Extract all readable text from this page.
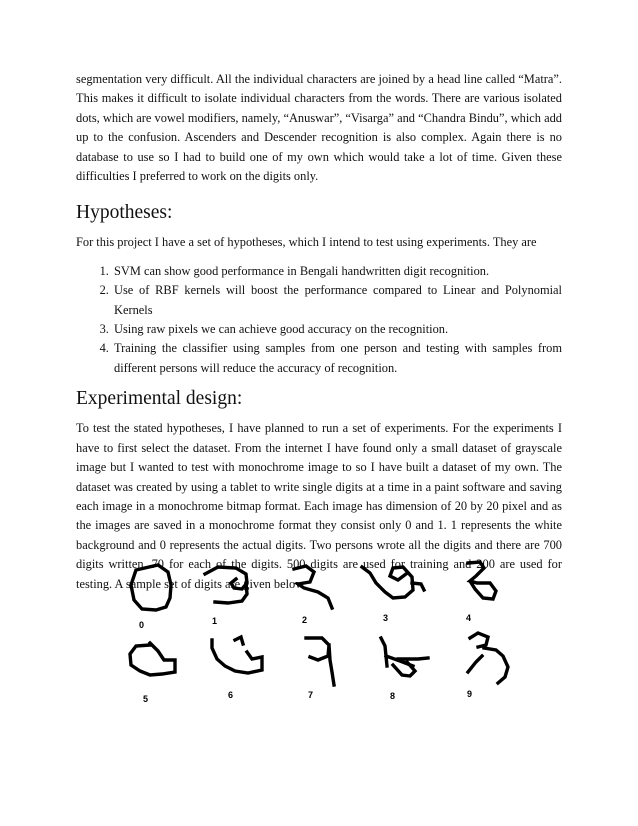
segmentation very difficult. All the individual characters are joined by a head line called “Matra”. This makes it difficult to isolate individual characters from the words. There are various isolated dots, which are vowel modifiers, namely, “Anuswar”, “Visarga” and “Chandra Bindu”, which add up to the confusion. Ascenders and Descender recognition is also complex. Again there is no database to use so I had to build one of my own which would take a lot of time. Given these difficulties I preferred to work on the digits only.

Hypotheses:

For this project I have a set of hypotheses, which I intend to test using experiments. They are

1. SVM can show good performance in Bengali handwritten digit recognition.
2. Use of RBF kernels will boost the performance compared to Linear and Polynomial Kernels
3. Using raw pixels we can achieve good accuracy on the recognition.
4. Training the classifier using samples from one person and testing with samples from different persons will reduce the accuracy of recognition.
Experimental design:

To test the stated hypotheses, I have planned to run a set of experiments. For the experiments I have to first select the dataset. From the internet I have found only a small dataset of grayscale image but I wanted to test with monochrome image to so I have built a dataset of my own. The dataset was created by using a tablet to write single digits at a time in a paint software and saving each image in a monochrome bitmap format. Each image has dimension of 20 by 20 pixel and as the images are saved in a monochrome format they consist only 0 and 1. 1 represents the white background and 0 represents the actual digits. Two persons wrote all the digits and there are 700 digits written, 70 for each of the digits. 500 digits are used for training and 200 are used for testing. A sample set of digits are given below.

0	1	2	3	4
5	6	7	8	9
